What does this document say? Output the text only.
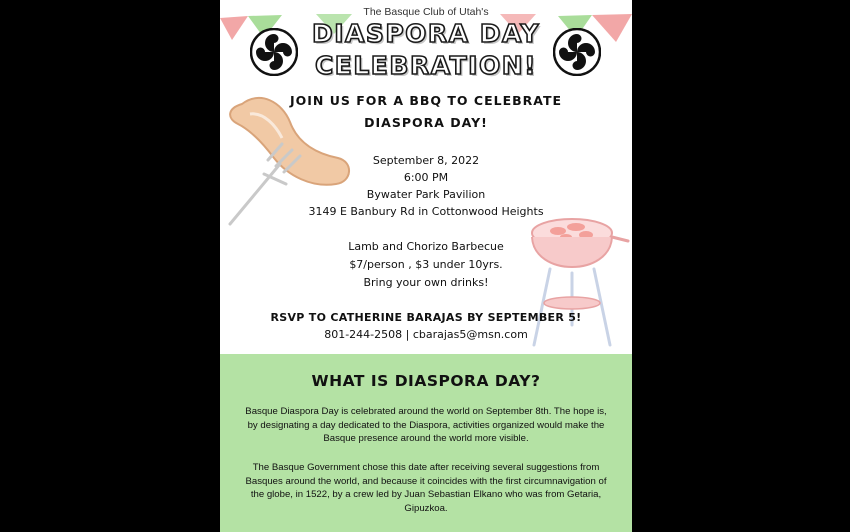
The Basque Club of Utah's
DIASPORA DAY
CELEBRATION!
JOIN US FOR A BBQ TO CELEBRATE
DIASPORA DAY!
September 8, 2022
6:00 PM
Bywater Park Pavilion
3149 E Banbury Rd in Cottonwood Heights
Lamb and Chorizo Barbecue
$7/person , $3 under 10yrs.
Bring your own drinks!
RSVP TO CATHERINE BARAJAS BY SEPTEMBER 5!
801-244-2508 | cbarajas5@msn.com
WHAT IS DIASPORA DAY?
Basque Diaspora Day is celebrated around the world on September 8th. The hope is, by designating a day dedicated to the Diaspora, activities organized would make the Basque presence around the world more visible.
The Basque Government chose this date after receiving several suggestions from Basques around the world, and because it coincides with the first circumnavigation of the globe, in 1522, by a crew led by Juan Sebastian Elkano who was from Getaria, Gipuzkoa.
